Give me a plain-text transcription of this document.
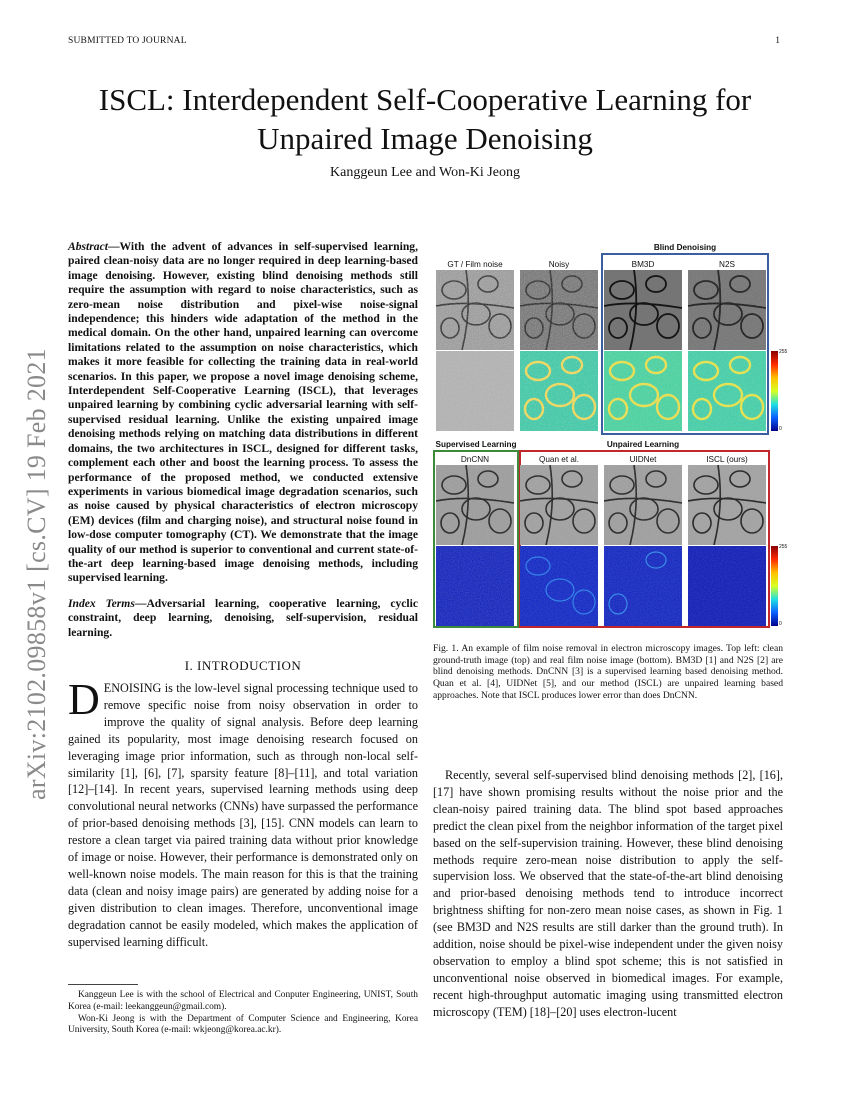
SUBMITTED TO JOURNAL	1
arXiv:2102.09858v1 [cs.CV] 19 Feb 2021
ISCL: Interdependent Self-Cooperative Learning for Unpaired Image Denoising
Kanggeun Lee and Won-Ki Jeong
Abstract—With the advent of advances in self-supervised learning, paired clean-noisy data are no longer required in deep learning-based image denoising. However, existing blind denoising methods still require the assumption with regard to noise characteristics, such as zero-mean noise distribution and pixel-wise noise-signal independence; this hinders wide adaptation of the method in the medical domain. On the other hand, unpaired learning can overcome limitations related to the assumption on noise characteristics, which makes it more feasible for collecting the training data in real-world scenarios. In this paper, we propose a novel image denoising scheme, Interdependent Self-Cooperative Learning (ISCL), that leverages unpaired learning by combining cyclic adversarial learning with self-supervised residual learning. Unlike the existing unpaired image denoising methods relying on matching data distributions in different domains, the two architectures in ISCL, designed for different tasks, complement each other and boost the learning process. To assess the performance of the proposed method, we conducted extensive experiments in various biomedical image degradation scenarios, such as noise caused by physical characteristics of electron microscopy (EM) devices (film and charging noise), and structural noise found in low-dose computer tomography (CT). We demonstrate that the image quality of our method is superior to conventional and current state-of-the-art deep learning-based image denoising methods, including supervised learning.
Index Terms—Adversarial learning, cooperative learning, cyclic constraint, deep learning, denoising, self-supervision, residual learning.
I. INTRODUCTION
DENOISING is the low-level signal processing technique used to remove specific noise from noisy observation in order to improve the quality of signal analysis. Before deep learning gained its popularity, most image denoising research focused on leveraging image prior information, such as through non-local self-similarity [1], [6], [7], sparsity feature [8]–[11], and total variation [12]–[14]. In recent years, supervised learning methods using deep convolutional neural networks (CNNs) have surpassed the performance of prior-based denoising methods [3], [15]. CNN models can learn to restore a clean target via paired training data without prior knowledge of image or noise. However, their performance is demonstrated only on well-known noise models. The main reason for this is that the training data (clean and noisy image pairs) are generated by adding noise for a given distribution to clean images. Therefore, unconventional image degradation cannot be easily modeled, which makes the application of supervised learning difficult.

Kanggeun Lee is with the school of Electrical and Conputer Engineering, UNIST, South Korea (e-mail: leekanggeun@gmail.com).

Won-Ki Jeong is with the Department of Computer Science and Engineering, Korea University, South Korea (e-mail: wkjeong@korea.ac.kr).

Blind Denoising
Supervised Learning	Unpaired Learning
GT / Film noise	Noisy	BM3D	N2S
255
0
DnCNN	Quan et al.	UIDNet	ISCL (ours)
255
0
Fig. 1. An example of film noise removal in electron microscopy images. Top left: clean ground-truth image (top) and real film noise image (bottom). BM3D [1] and N2S [2] are blind denoising methods. DnCNN [3] is a supervised learning based denoising method. Quan et al. [4], UIDNet [5], and our method (ISCL) are unpaired learning based approaches. Note that ISCL produces lower error than does DnCNN.
Recently, several self-supervised blind denoising methods [2], [16], [17] have shown promising results without the noise prior and the clean-noisy paired training data. The blind spot based approaches predict the clean pixel from the neighbor information of the target pixel based on the self-supervision training. However, these blind denoising methods require zero-mean noise distribution to apply the self-supervision loss. We observed that the state-of-the-art blind denoising and prior-based denoising methods tend to introduce incorrect brightness shifting for non-zero mean noise cases, as shown in Fig. 1 (see BM3D and N2S results are still darker than the ground truth). In addition, noise should be pixel-wise independent under the given noisy observation to employ a blind spot scheme; this is not satisfied in unconventional noise observed in biomedical images. For example, recent high-throughput automatic imaging using transmitted electron microscopy (TEM) [18]–[20] uses electron-lucent
